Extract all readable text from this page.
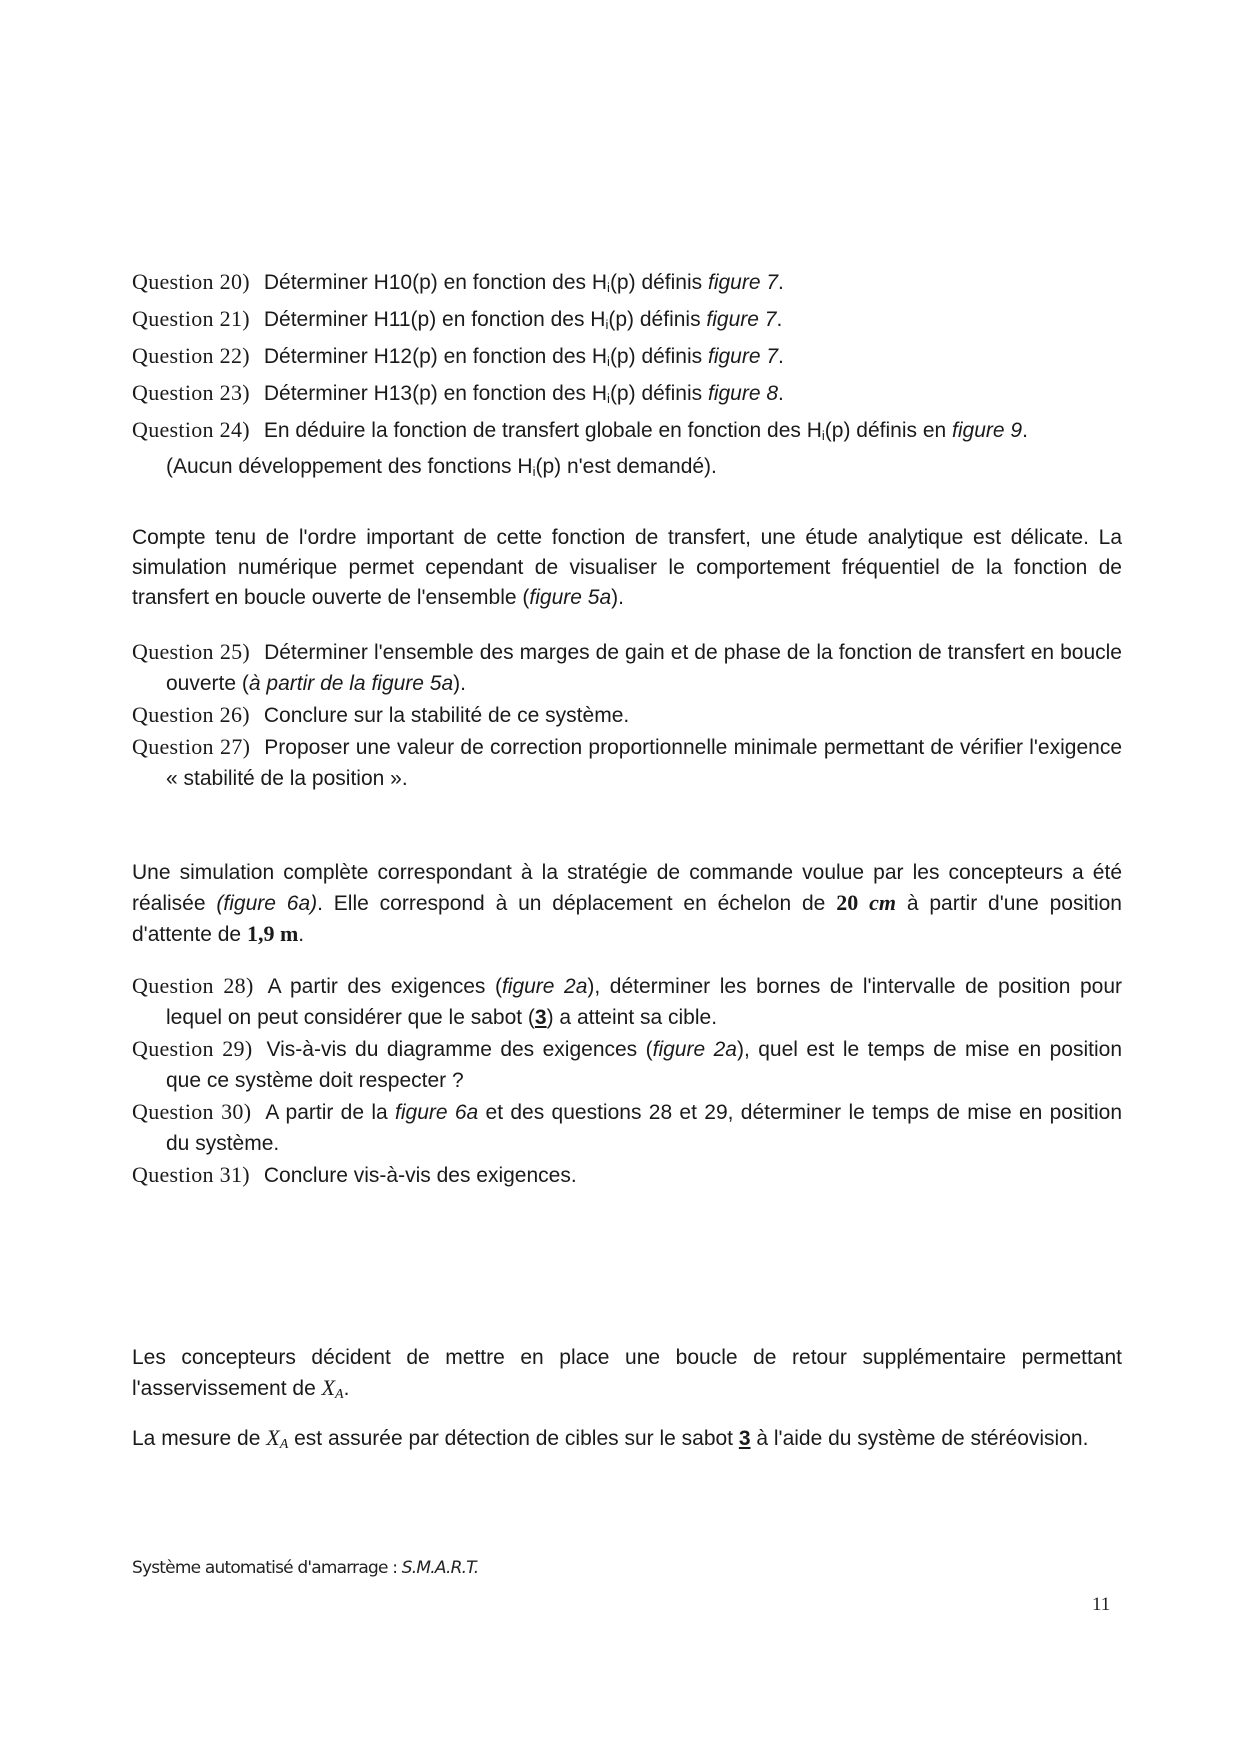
Question 20) Déterminer H10(p) en fonction des $H_i(p)$ définis figure 7.

Question 21) Déterminer H11(p) en fonction des $H_i(p)$ définis figure 7.

Question 22) Déterminer H12(p) en fonction des $H_i(p)$ définis figure 7.

Question 23) Déterminer H13(p) en fonction des $H_i(p)$ définis figure 8.

Question 24) En déduire la fonction de transfert globale en fonction des $H_i(p)$ définis en figure 9.
(Aucun développement des fonctions $H_i(p)$ n'est demandé).

Compte tenu de l'ordre important de cette fonction de transfert, une étude analytique est délicate. La simulation numérique permet cependant de visualiser le comportement fréquentiel de la fonction de transfert en boucle ouverte de l'ensemble (figure 5a).

Question 25) Déterminer l'ensemble des marges de gain et de phase de la fonction de transfert en boucle ouverte (à partir de la figure 5a).

Question 26) Conclure sur la stabilité de ce système.

Question 27) Proposer une valeur de correction proportionnelle minimale permettant de vérifier l'exigence « stabilité de la position ».

Une simulation complète correspondant à la stratégie de commande voulue par les concepteurs a été réalisée (figure 6a). Elle correspond à un déplacement en échelon de 20 cm à partir d'une position d'attente de 1,9 m.

Question 28) A partir des exigences (figure 2a), déterminer les bornes de l'intervalle de position pour lequel on peut considérer que le sabot (3) a atteint sa cible.

Question 29) Vis-à-vis du diagramme des exigences (figure 2a), quel est le temps de mise en position que ce système doit respecter ?

Question 30) A partir de la figure 6a et des questions 28 et 29, déterminer le temps de mise en position du système.

Question 31) Conclure vis-à-vis des exigences.

Les concepteurs décident de mettre en place une boucle de retour supplémentaire permettant l'asservissement de $X_A$.

La mesure de $X_A$ est assurée par détection de cibles sur le sabot 3 à l'aide du système de stéréovision.

Système automatisé d'amarrage : S.M.A.R.T.
11
